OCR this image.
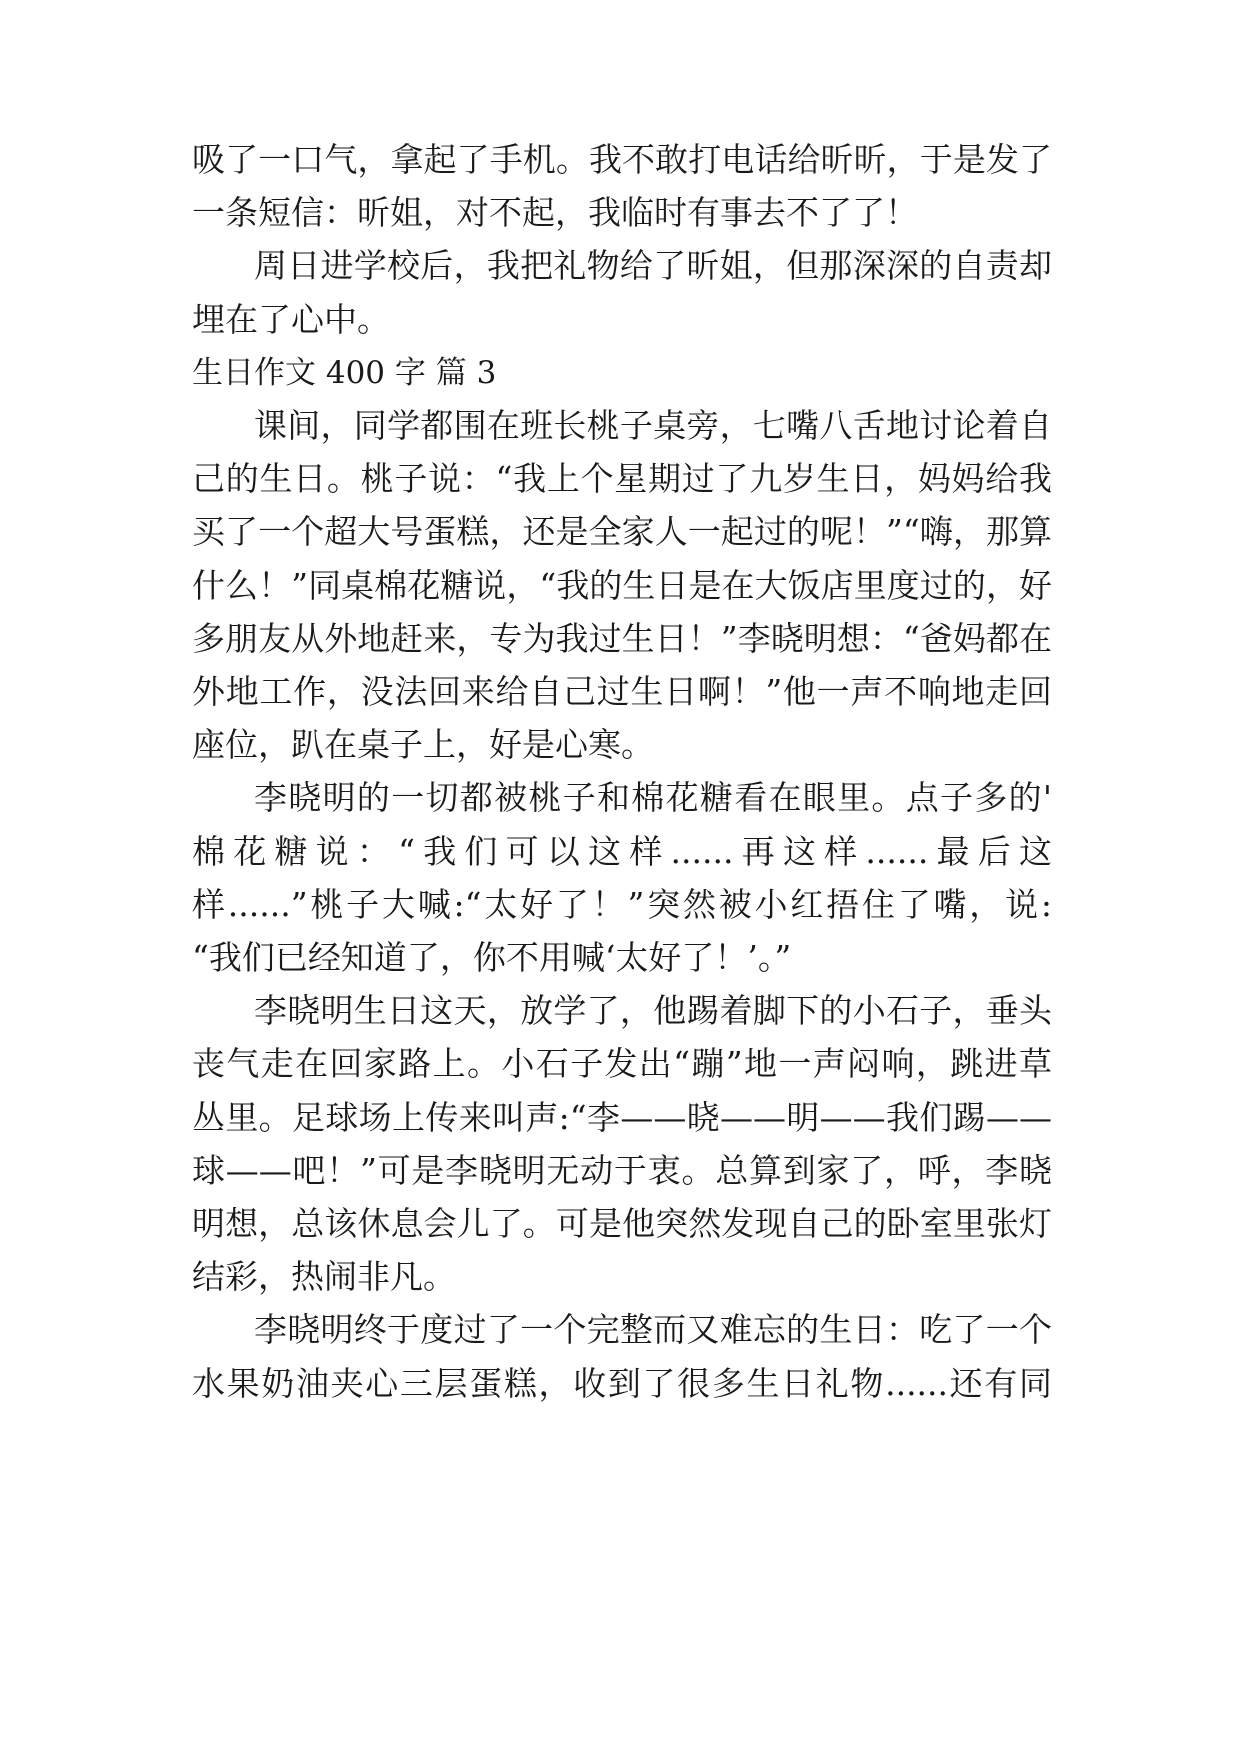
吸了一口气，拿起了手机。我不敢打电话给昕昕，于是发了
一条短信：昕姐，对不起，我临时有事去不了了！
周日进学校后，我把礼物给了昕姐，但那深深的自责却
埋在了心中。
生日作文 400 字 篇 3
课间，同学都围在班长桃子桌旁，七嘴八舌地讨论着自
己的生日。桃子说：“我上个星期过了九岁生日，妈妈给我
买了一个超大号蛋糕，还是全家人一起过的呢！”“嗨，那算
什么！”同桌棉花糖说，“我的生日是在大饭店里度过的，好
多朋友从外地赶来，专为我过生日！”李晓明想：“爸妈都在
外地工作，没法回来给自己过生日啊！”他一声不响地走回
座位，趴在桌子上，好是心寒。
李晓明的一切都被桃子和棉花糖看在眼里。点子多的'
棉花糖说：“我们可以这样......再这样......最后这
样......”桃子大喊:“太好了！”突然被小红捂住了嘴，说:
“我们已经知道了，你不用喊‘太好了！’。”
李晓明生日这天，放学了，他踢着脚下的小石子，垂头
丧气走在回家路上。小石子发出“蹦”地一声闷响，跳进草
丛里。足球场上传来叫声:“李——晓——明——我们踢——
球——吧！”可是李晓明无动于衷。总算到家了，呼，李晓
明想，总该休息会儿了。可是他突然发现自己的卧室里张灯
结彩，热闹非凡。
李晓明终于度过了一个完整而又难忘的生日：吃了一个
水果奶油夹心三层蛋糕，收到了很多生日礼物......还有同
